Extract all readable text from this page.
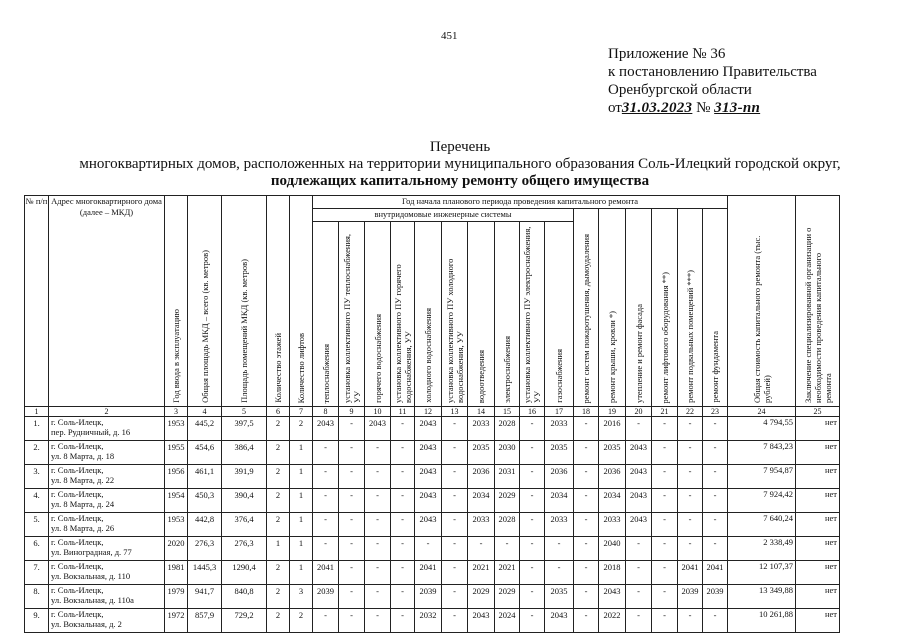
451
Приложение № 36
к постановлению Правительства
Оренбургской области
от31.03.2023 № 313-пп
Перечень
многоквартирных домов, расположенных на территории муниципального образования Соль-Илецкий городской округ,
подлежащих капитальному ремонту общего имущества
№ п/п	Адрес многоквартирного дома (далее – МКД)	Год ввода в эксплуатацию	Общая площадь МКД – всего (кв. метров)	Площадь помещений МКД (кв. метров)	Количество этажей	Количество лифтов	Год начала планового периода проведения капитального ремонта																Общая стоимость капитального ремонта (тыс. рублей)	Заключение специализированной организации о необходимости проведения капитального ремонта

							внутридомовые инженерные системы										ремонт систем пожаротушения, дымоудаления	ремонт крыши, кровли *)	утепление и ремонт фасада	ремонт лифтового оборудования **)	ремонт подвальных помещений ***)	ремонт фундамента		

							теплоснабжения	установка коллективного ПУ теплоснабжения, УУ	горячего водоснабжения	установка коллективного ПУ горячего водоснабжения, УУ	холодного водоснабжения	установка коллективного ПУ холодного водоснабжения, УУ	водоотведения	электроснабжения	установка коллективного ПУ электроснабжения, УУ	газоснабжения								

1	2	3	4	5	6	7	8	9	10	11	12	13	14	15	16	17	18	19	20	21	22	23	24	25
1.	г. Соль-Илецк,
пер. Рудничный, д. 16	1953	445,2	397,5	2	2	2043	-	2043	-	2043	-	2033	2028	-	2033	-	2016	-	-	-	-	4 794,55	нет
2.	г. Соль-Илецк,
ул. 8 Марта, д. 18	1955	454,6	386,4	2	1	-	-	-	-	2043	-	2035	2030	-	2035	-	2035	2043	-	-	-	7 843,23	нет
3.	г. Соль-Илецк,
ул. 8 Марта, д. 22	1956	461,1	391,9	2	1	-	-	-	-	2043	-	2036	2031	-	2036	-	2036	2043	-	-	-	7 954,87	нет
4.	г. Соль-Илецк,
ул. 8 Марта, д. 24	1954	450,3	390,4	2	1	-	-	-	-	2043	-	2034	2029	-	2034	-	2034	2043	-	-	-	7 924,42	нет
5.	г. Соль-Илецк,
ул. 8 Марта, д. 26	1953	442,8	376,4	2	1	-	-	-	-	2043	-	2033	2028	-	2033	-	2033	2043	-	-	-	7 640,24	нет
6.	г. Соль-Илецк,
ул. Виноградная, д. 77	2020	276,3	276,3	1	1	-	-	-	-	-	-	-	-	-	-	-	2040	-	-	-	-	2 338,49	нет
7.	г. Соль-Илецк,
ул. Вокзальная, д. 110	1981	1445,3	1290,4	2	1	2041	-	-	-	2041	-	2021	2021	-	-	-	2018	-	-	2041	2041	12 107,37	нет
8.	г. Соль-Илецк,
ул. Вокзальная, д. 110а	1979	941,7	840,8	2	3	2039	-	-	-	2039	-	2029	2029	-	2035	-	2043	-	-	2039	2039	13 349,88	нет
9.	г. Соль-Илецк,
ул. Вокзальная, д. 2	1972	857,9	729,2	2	2	-	-	-	-	2032	-	2043	2024	-	2043	-	2022	-	-	-	-	10 261,88	нет
